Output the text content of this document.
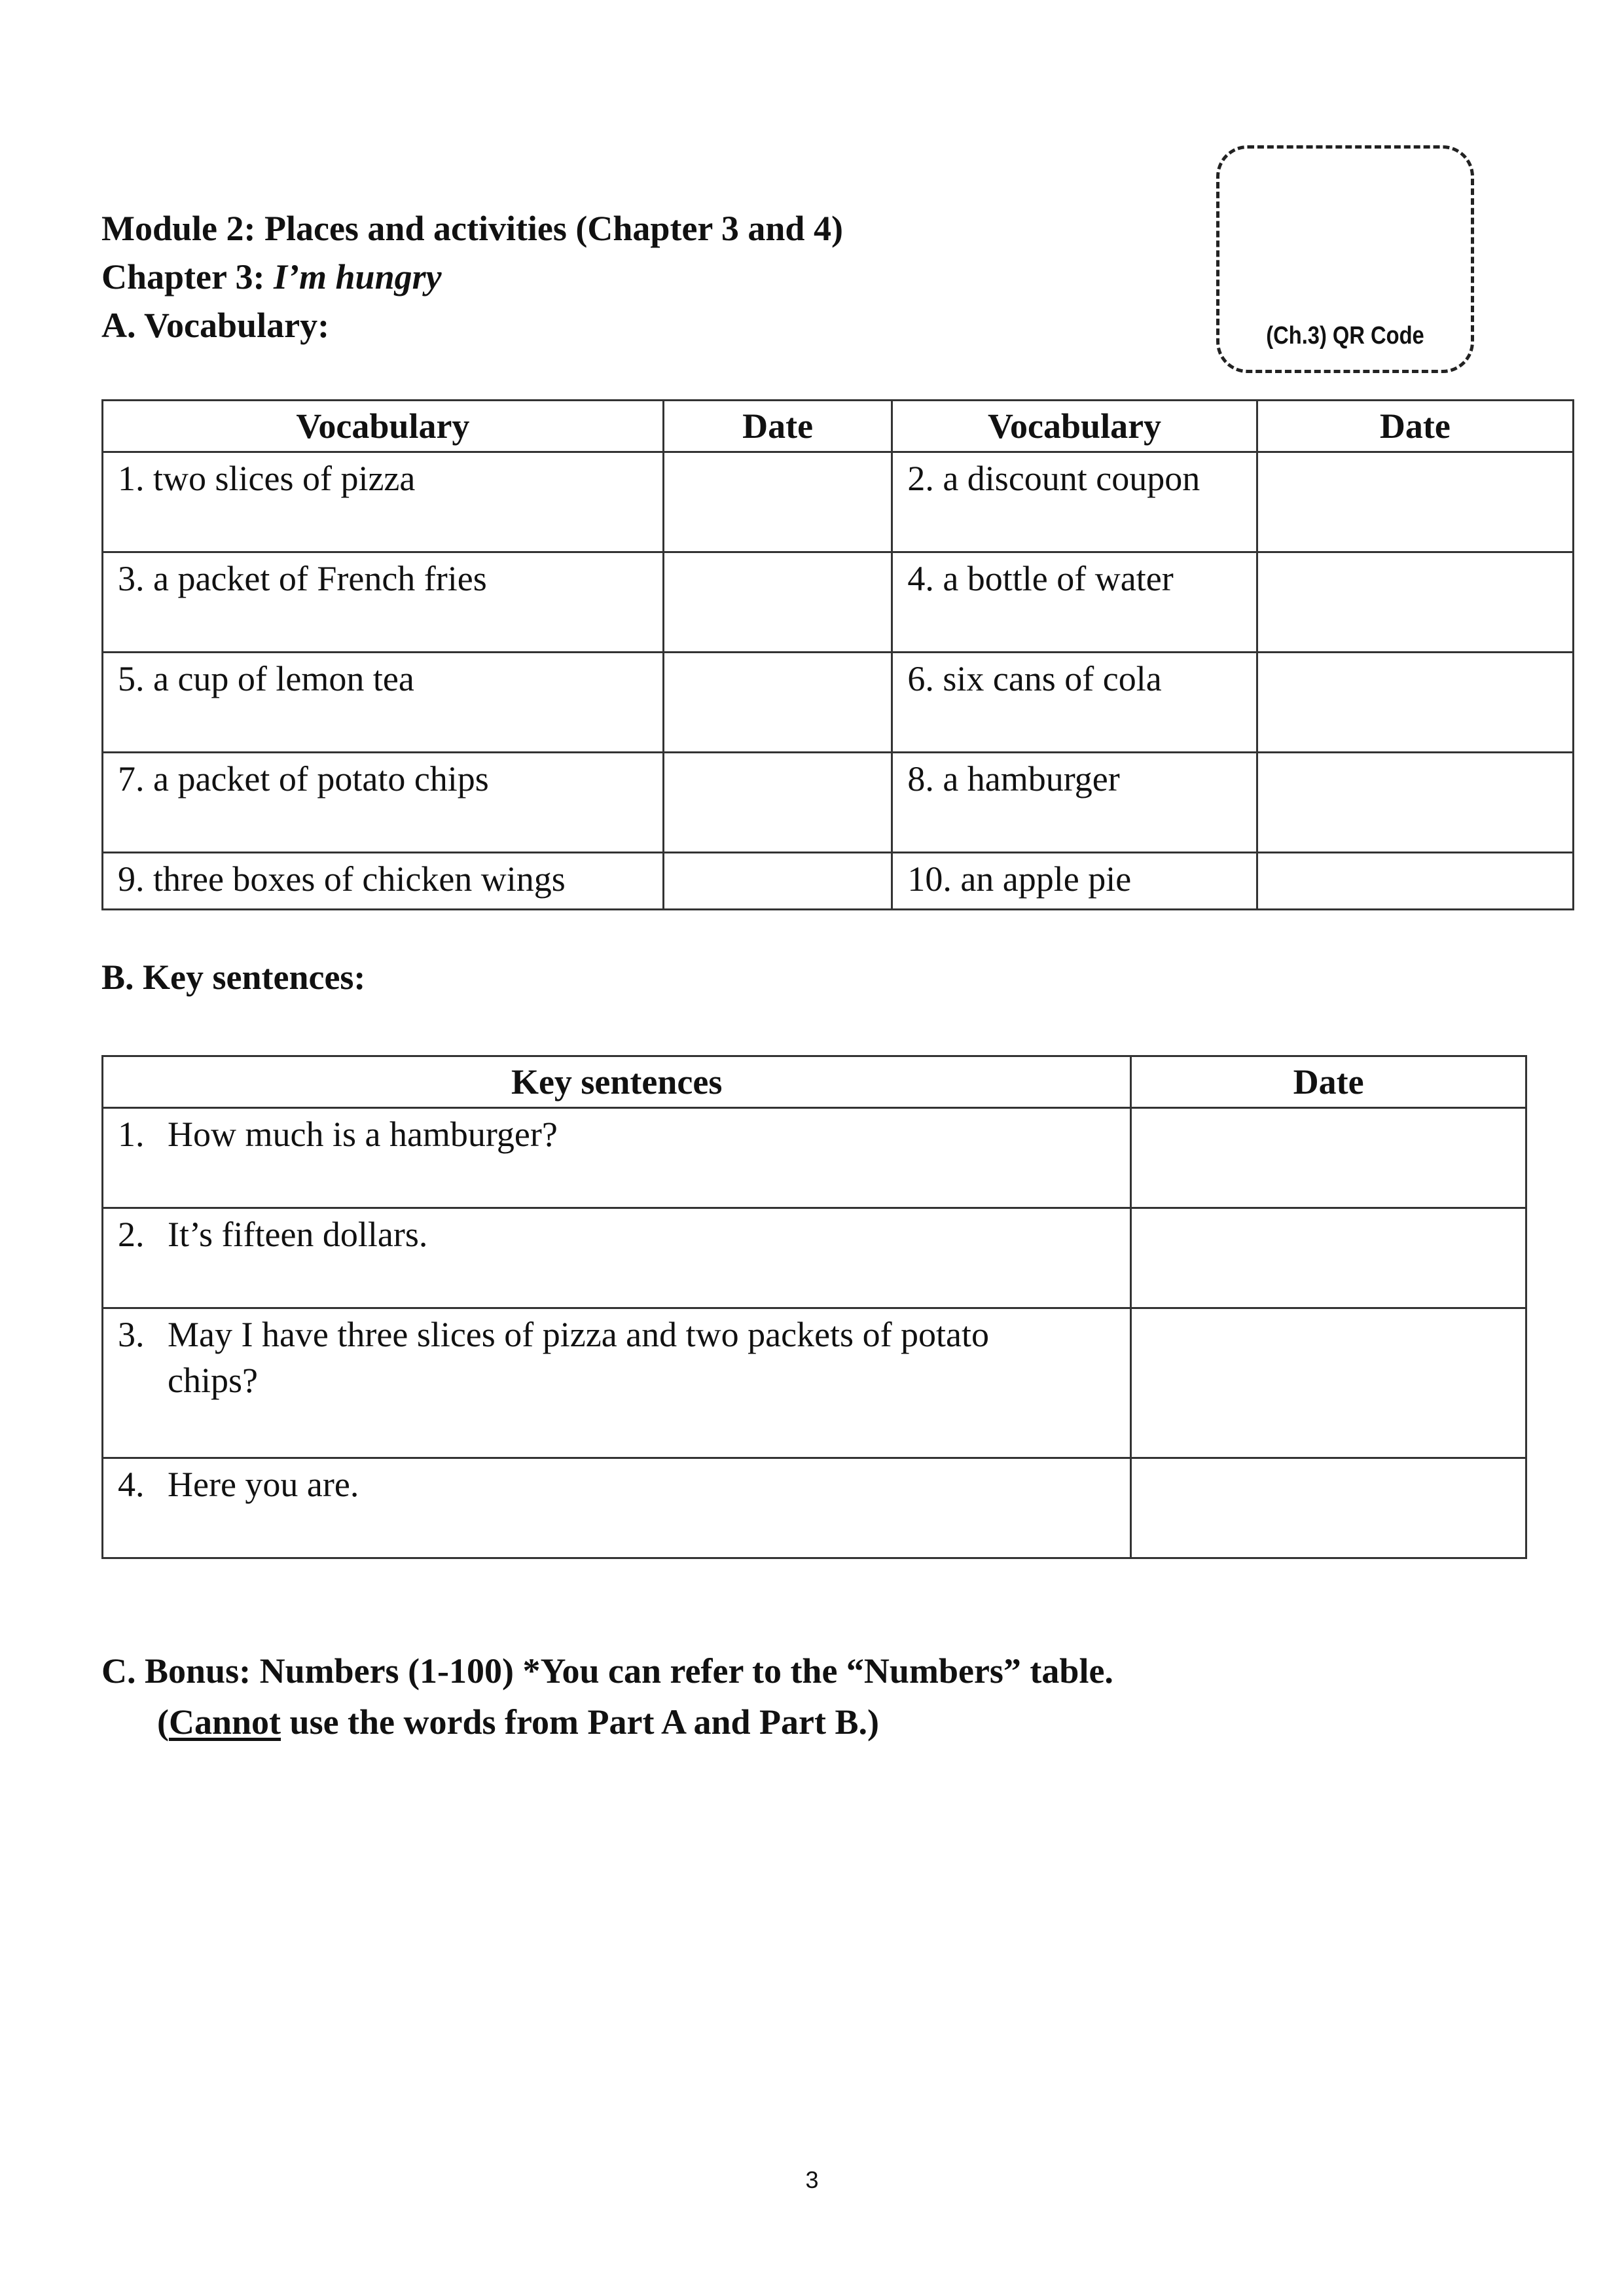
Module 2: Places and activities (Chapter 3 and 4)
Chapter 3: I’m hungry
A. Vocabulary:	(Ch.3) QR Code
Vocabulary	Date	Vocabulary	Date
1. two slices of pizza		2. a discount coupon	
3. a packet of French fries		4. a bottle of water	
5. a cup of lemon tea		6. six cans of cola	
7. a packet of potato chips		8. a hamburger	
9. three boxes of chicken wings		10. an apple pie	
B. Key sentences:
Key sentences	Date
1. How much is a hamburger?	
2. It’s fifteen dollars.	
3. May I have three slices of pizza and two packets of potato chips?	
4. Here you are.	
C. Bonus: Numbers (1-100) *You can refer to the “Numbers” table.
(Cannot use the words from Part A and Part B.)
3
